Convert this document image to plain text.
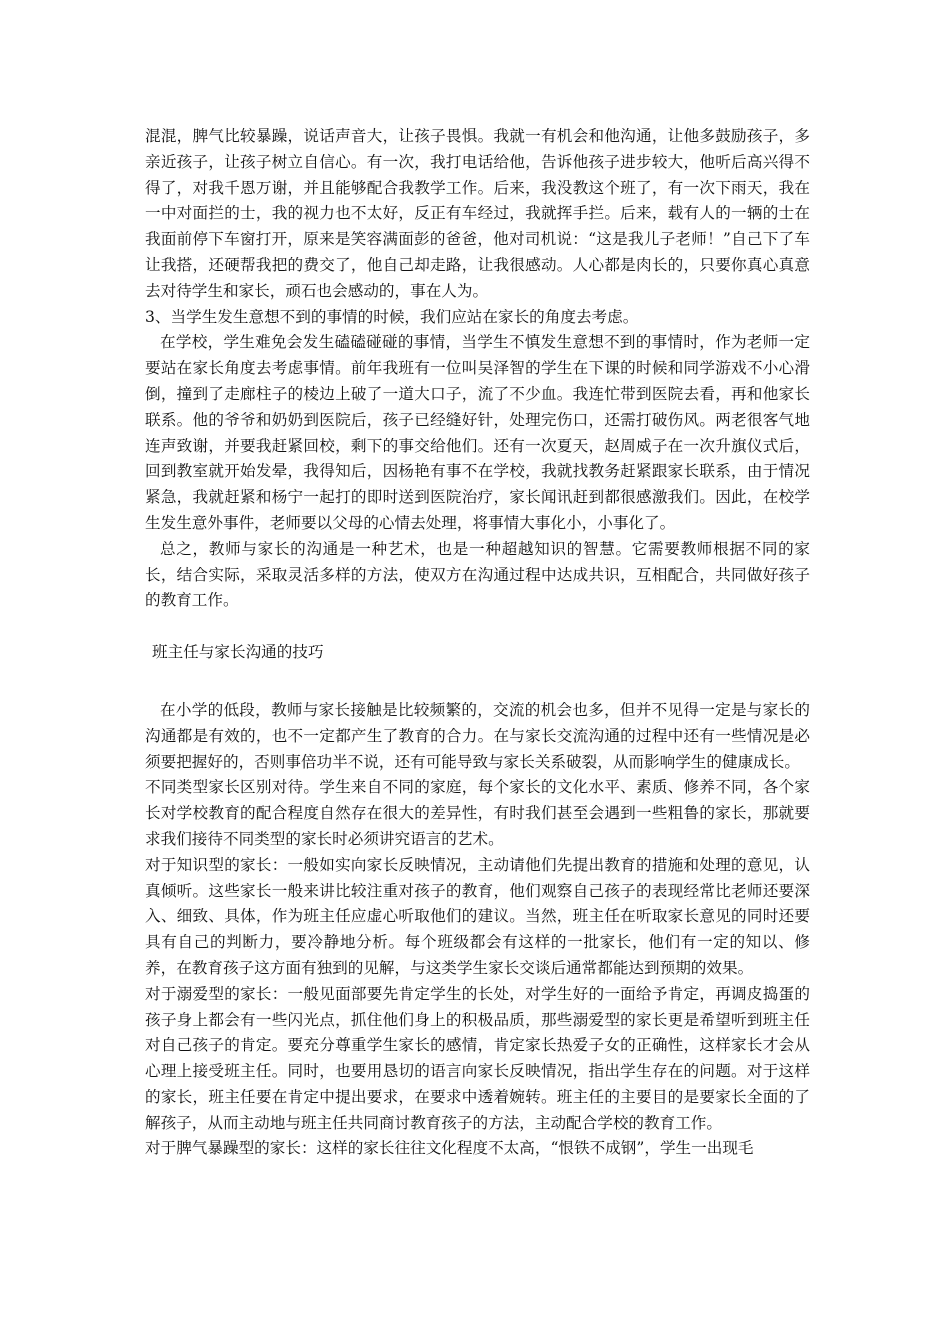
混混，脾气比较暴躁，说话声音大，让孩子畏惧。我就一有机会和他沟通，让他多鼓励孩子，多亲近孩子，让孩子树立自信心。有一次，我打电话给他，告诉他孩子进步较大，他听后高兴得不得了，对我千恩万谢，并且能够配合我教学工作。后来，我没教这个班了，有一次下雨天，我在一中对面拦的士，我的视力也不太好，反正有车经过，我就挥手拦。后来，载有人的一辆的士在我面前停下车窗打开，原来是笑容满面彭的爸爸，他对司机说：“这是我儿子老师！”自己下了车让我搭，还硬帮我把的费交了，他自己却走路，让我很感动。人心都是肉长的，只要你真心真意去对待学生和家长，顽石也会感动的，事在人为。

3、当学生发生意想不到的事情的时候，我们应站在家长的角度去考虑。

在学校，学生难免会发生磕磕碰碰的事情，当学生不慎发生意想不到的事情时，作为老师一定要站在家长角度去考虑事情。前年我班有一位叫吴泽智的学生在下课的时候和同学游戏不小心滑倒，撞到了走廊柱子的棱边上破了一道大口子，流了不少血。我连忙带到医院去看，再和他家长联系。他的爷爷和奶奶到医院后，孩子已经缝好针，处理完伤口，还需打破伤风。两老很客气地连声致谢，并要我赶紧回校，剩下的事交给他们。还有一次夏天，赵周威子在一次升旗仪式后，回到教室就开始发晕，我得知后，因杨艳有事不在学校，我就找教务赶紧跟家长联系，由于情况紧急，我就赶紧和杨宁一起打的即时送到医院治疗，家长闻讯赶到都很感激我们。因此，在校学生发生意外事件，老师要以父母的心情去处理，将事情大事化小，小事化了。

总之，教师与家长的沟通是一种艺术，也是一种超越知识的智慧。它需要教师根据不同的家长，结合实际，采取灵活多样的方法，使双方在沟通过程中达成共识，互相配合，共同做好孩子的教育工作。

班主任与家长沟通的技巧

在小学的低段，教师与家长接触是比较频繁的，交流的机会也多，但并不见得一定是与家长的沟通都是有效的，也不一定都产生了教育的合力。在与家长交流沟通的过程中还有一些情况是必须要把握好的，否则事倍功半不说，还有可能导致与家长关系破裂，从而影响学生的健康成长。

不同类型家长区别对待。学生来自不同的家庭，每个家长的文化水平、素质、修养不同，各个家长对学校教育的配合程度自然存在很大的差异性，有时我们甚至会遇到一些粗鲁的家长，那就要求我们接待不同类型的家长时必须讲究语言的艺术。

对于知识型的家长：一般如实向家长反映情况，主动请他们先提出教育的措施和处理的意见，认真倾听。这些家长一般来讲比较注重对孩子的教育，他们观察自己孩子的表现经常比老师还要深入、细致、具体，作为班主任应虚心听取他们的建议。当然，班主任在听取家长意见的同时还要具有自己的判断力，要冷静地分析。每个班级都会有这样的一批家长，他们有一定的知以、修养，在教育孩子这方面有独到的见解，与这类学生家长交谈后通常都能达到预期的效果。

对于溺爱型的家长：一般见面部要先肯定学生的长处，对学生好的一面给予肯定，再调皮捣蛋的孩子身上都会有一些闪光点，抓住他们身上的积极品质，那些溺爱型的家长更是希望听到班主任对自己孩子的肯定。要充分尊重学生家长的感情，肯定家长热爱子女的正确性，这样家长才会从心理上接受班主任。同时，也要用恳切的语言向家长反映情况，指出学生存在的问题。对于这样的家长，班主任要在肯定中提出要求，在要求中透着婉转。班主任的主要目的是要家长全面的了解孩子，从而主动地与班主任共同商讨教育孩子的方法，主动配合学校的教育工作。

对于脾气暴躁型的家长：这样的家长往往文化程度不太高，“恨铁不成钢”，学生一出现毛
